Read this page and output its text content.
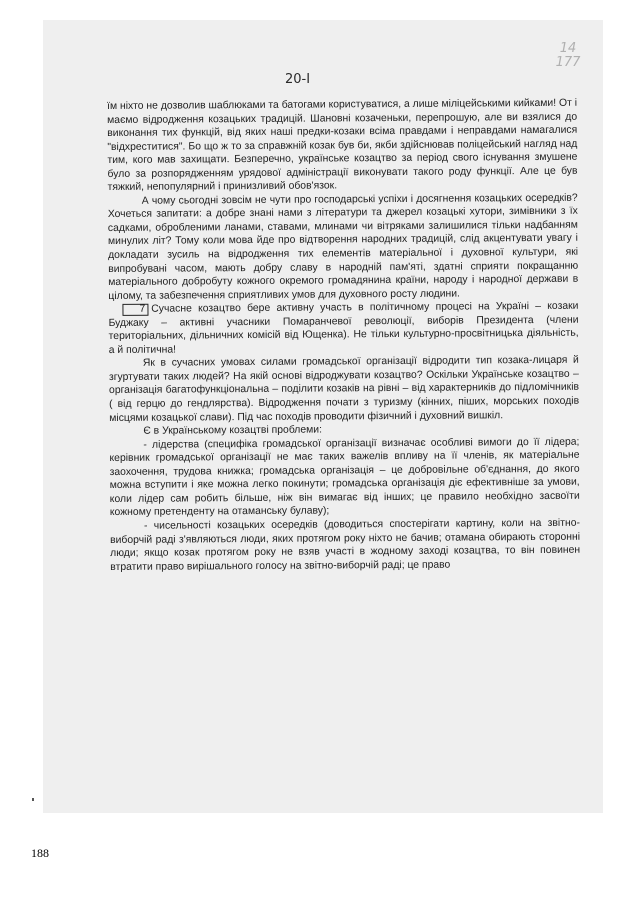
14
177
20-I

їм ніхто не дозволив шаблюками та батогами користуватися, а лише міліцейськими кийками! От і маємо відродження козацьких традицій. Шановні козаченьки, перепрошую, але ви взялися до виконання тих функцій, від яких наші предки-козаки всіма правдами і неправдами намагалися "відхреститися". Бо що ж то за справжній козак був би, якби здійснював поліцейський нагляд над тим, кого мав захищати. Безперечно, українське козацтво за період свого існування змушене було за розпорядженням урядової адміністрації виконувати такого роду функції. Але це був тяжкий, непопулярний і принизливий обов'язок.

А чому сьогодні зовсім не чути про господарські успіхи і досягнення козацьких осередків? Хочеться запитати: а добре знані нами з літератури та джерел козацькі хутори, зимівники з їх садками, обробленими ланами, ставами, млинами чи вітряками залишилися тільки надбанням минулих літ? Тому коли мова йде про відтворення народних традицій, слід акцентувати увагу і докладати зусиль на відродження тих елементів матеріальної і духовної культури, які випробувані часом, мають добру славу в народній пам'яті, здатні сприяти покращанню матеріального добробуту кожного окремого громадянина країни, народу і народної держави в цілому, та забезпечення сприятливих умов для духовного росту людини.

7 Сучасне козацтво бере активну участь в політичному процесі на Україні – козаки Буджаку – активні учасники Помаранчевої революції, виборів Президента (члени територіальних, дільничних комісій від Ющенка). Не тільки культурно-просвітницька діяльність, а й політична!

Як в сучасних умовах силами громадської організації відродити тип козака-лицаря й згуртувати таких людей? На якій основі відроджувати козацтво? Оскільки Українське козацтво – організація багатофункціональна – поділити козаків на рівні – від характерників до підломічників ( від герцю до гендлярства). Відродження почати з туризму (кінних, піших, морських походів місцями козацької слави). Під час походів проводити фізичний і духовний вишкіл.

Є в Українському козацтві проблеми:

- лідерства (специфіка громадської організації визначає особливі вимоги до її лідера; керівник громадської організації не має таких важелів впливу на її членів, як матеріальне заохочення, трудова книжка; громадська організація – це добровільне об'єднання, до якого можна вступити і яке можна легко покинути; громадська організація діє ефективніше за умови, коли лідер сам робить більше, ніж він вимагає від інших; це правило необхідно засвоїти кожному претенденту на отаманську булаву);

- чисельності козацьких осередків (доводиться спостерігати картину, коли на звітно-виборчій раді з'являються люди, яких протягом року ніхто не бачив; отамана обирають сторонні люди; якщо козак протягом року не взяв участі в жодному заході козацтва, то він повинен втратити право вирішального голосу на звітно-виборчій раді; це право

188
